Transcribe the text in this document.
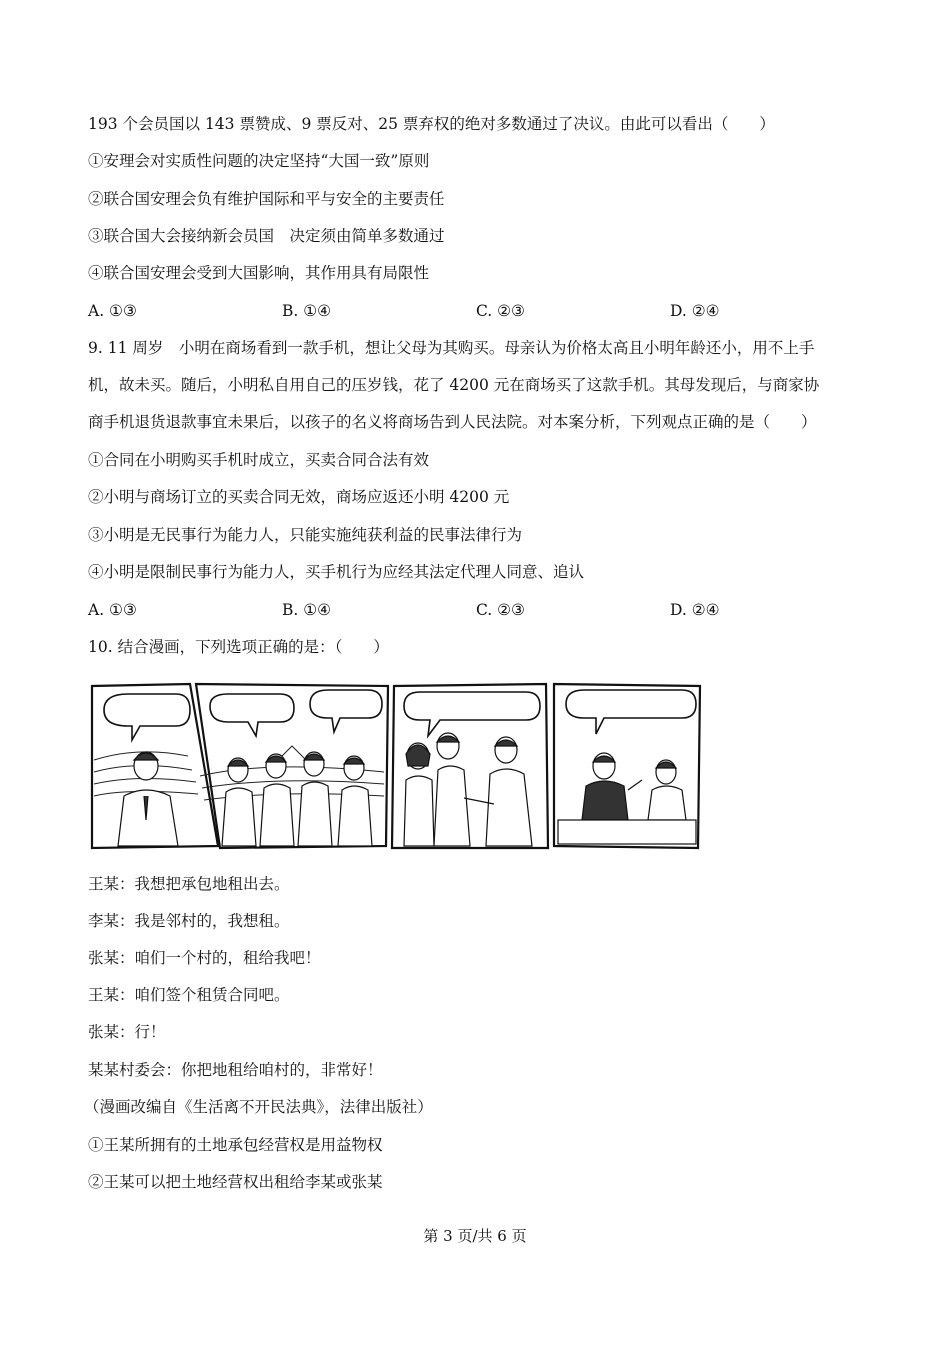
193 个会员国以 143 票赞成、9 票反对、25 票弃权的绝对多数通过了决议。由此可以看出（　　）
①安理会对实质性问题的决定坚持“大国一致”原则
②联合国安理会负有维护国际和平与安全的主要责任
③联合国大会接纳新会员国　决定须由简单多数通过
④联合国安理会受到大国影响，其作用具有局限性
A. ①③	B. ①④	C. ②③	D. ②④
9. 11 周岁　小明在商场看到一款手机，想让父母为其购买。母亲认为价格太高且小明年龄还小，用不上手
机，故未买。随后，小明私自用自己的压岁钱，花了 4200 元在商场买了这款手机。其母发现后，与商家协
商手机退货退款事宜未果后，以孩子的名义将商场告到人民法院。对本案分析，下列观点正确的是（　　）
①合同在小明购买手机时成立，买卖合同合法有效
②小明与商场订立的买卖合同无效，商场应返还小明 4200 元
③小明是无民事行为能力人，只能实施纯获利益的民事法律行为
④小明是限制民事行为能力人，买手机行为应经其法定代理人同意、追认
A. ①③	B. ①④	C. ②③	D. ②④
10. 结合漫画，下列选项正确的是：（　　）
王某：我想把承包地租出去。
李某：我是邻村的，我想租。
张某：咱们一个村的，租给我吧！
王某：咱们签个租赁合同吧。
张某：行！
某某村委会：你把地租给咱村的，非常好！
（漫画改编自《生活离不开民法典》，法律出版社）
①王某所拥有的土地承包经营权是用益物权
②王某可以把土地经营权出租给李某或张某
第 3 页/共 6 页
